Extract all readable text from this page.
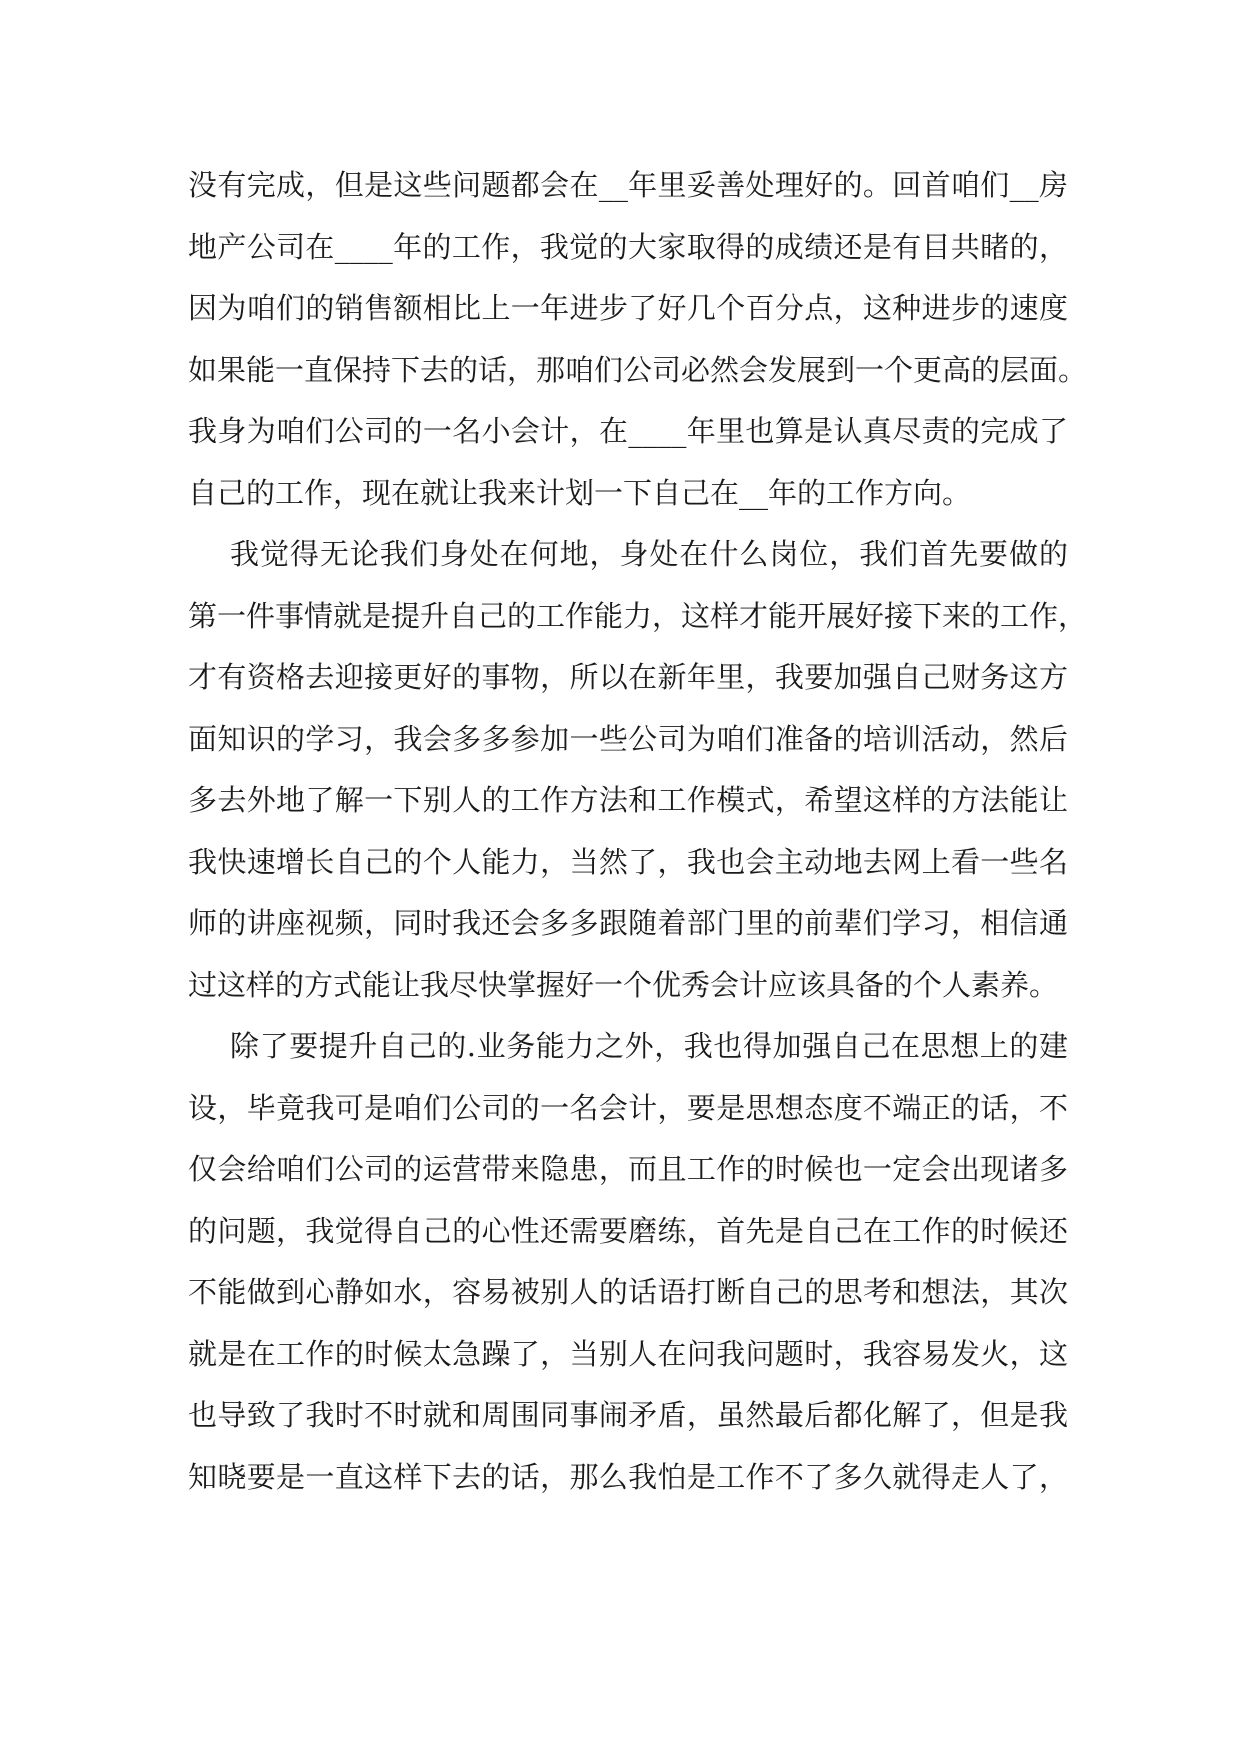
没有完成，但是这些问题都会在__年里妥善处理好的。回首咱们__房
地产公司在____年的工作，我觉的大家取得的成绩还是有目共睹的，
因为咱们的销售额相比上一年进步了好几个百分点，这种进步的速度
如果能一直保持下去的话，那咱们公司必然会发展到一个更高的层面。
我身为咱们公司的一名小会计，在____年里也算是认真尽责的完成了
自己的工作，现在就让我来计划一下自己在__年的工作方向。
我觉得无论我们身处在何地，身处在什么岗位，我们首先要做的
第一件事情就是提升自己的工作能力，这样才能开展好接下来的工作，
才有资格去迎接更好的事物，所以在新年里，我要加强自己财务这方
面知识的学习，我会多多参加一些公司为咱们准备的培训活动，然后
多去外地了解一下别人的工作方法和工作模式，希望这样的方法能让
我快速增长自己的个人能力，当然了，我也会主动地去网上看一些名
师的讲座视频，同时我还会多多跟随着部门里的前辈们学习，相信通
过这样的方式能让我尽快掌握好一个优秀会计应该具备的个人素养。
除了要提升自己的.业务能力之外，我也得加强自己在思想上的建
设，毕竟我可是咱们公司的一名会计，要是思想态度不端正的话，不
仅会给咱们公司的运营带来隐患，而且工作的时候也一定会出现诸多
的问题，我觉得自己的心性还需要磨练，首先是自己在工作的时候还
不能做到心静如水，容易被别人的话语打断自己的思考和想法，其次
就是在工作的时候太急躁了，当别人在问我问题时，我容易发火，这
也导致了我时不时就和周围同事闹矛盾，虽然最后都化解了，但是我
知晓要是一直这样下去的话，那么我怕是工作不了多久就得走人了，
